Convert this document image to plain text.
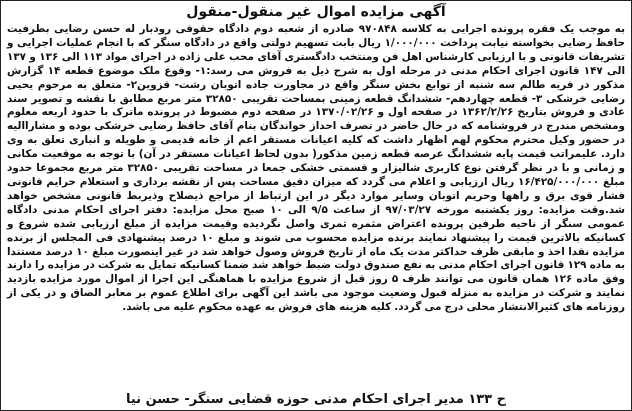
آگهی مزایده اموال غیر منقول-منقول

به موجب یک فقره پرونده اجرایی به کلاسه ۹۷۰۸۴۸ صادره از شعبه دوم دادگاه حقوقی رودبار له حسن رضایی بطرفیت حافظ رضایی بخواسته نیابت پرداخت ۱/۰۰۰/۰۰۰ ریال بابت تسهیم دولتی واقع در دادگاه سنگر که با انجام عملیات اجرایی و تشریفات قانونی و با ارزیابی کارشناس اهل فن ومنتخب دادگستری آقای محب علی زاده در اجرای مواد ۱۱۳ الی ۱۳۶ و ۱۳۷ الی ۱۴۷ قانون اجرای احکام مدنی در مرحله اول به شرح ذیل به فروش می رسد:۱- وقوع ملک موضوع قطعه ۱۴ گزارش مذکور در قریه طالم سه شنبه از توابع بخش سنگر واقع در مجاورت جاده اتوبان رشت- قزوین۲- متعلق به مرحوم یحیی رضایی خرشکی ۳- قطعه چهاردهم- ششدانگ قطعه زمینی بمساحت تقریبی ۳۲۸۵۰ متر مربع مطابق با نقشه و تصویر سند عادی و فروش بتاریخ ۱۳۶۲/۲/۲۶ در صفحه اول و ۱۳۷۰/۰۲/۲۶ در صفحه دوم مضبوط در پرونده ماترک با حدود اربعه معلوم ومشخص مندرج در فروشنامه که در حال حاضر در تصرف احداز خواندگان بنام آقای حافظ رضایی خرشکی بوده و مشاراالیه در حضور وکیل محترم محکوم لهم اظهار داشت که کلیه اعیانات مستقر اعم از خانه قدیمی و طویله و انباری تعلق به وی دارد. علیمراتب قیمت پایه ششدانگ عرصه قطعه زمین مذکور( بدون لحاظ اعیانات مستقر در آن) با توجه به موقعیت مکانی و زمانی و با در نظر گرفتن نوع کاربری شالیزار و قسمتی خشکی جمعا در مساحت تقریبی ۳۲۸۵۰ متر مربع مجموعا حدود مبلغ ۱۶/۴۲۵/۰۰۰/۰۰۰ ریال ارزیابی و اعلام می گردد که میزان دقیق مساحت پس از نقشه برداری و استعلام حرایم قانونی فشار قوی برق و راهها وحریم اتوبان وسایر موارد دیگر در این ارتباط از مراجع ذیصلاح وذیربط قانونی مشخص خواهد شد.وقت مزایده: روز یکشنبه مورخه ۹۷/۰۳/۲۷ از ساعت ۹/۵ الی ۱۰ صبح محل مزایده: دفتر اجرای احکام مدنی دادگاه عمومی سنگر از ناحیه طرفین پرونده اعتراض مثمره ثمری واصل نگردیده وقیمت مزایده از مبلغ ارزیابی شده شروع و کسانیکه بالاترین قیمت را پیشنهاد نمایند برنده مزایده محسوب می شوند و مبلغ ۱۰ درصد پیشنهادی فی المجلس از برنده مزایده نقدا اخذ و مابقی ظرف حداکثر مدت یک ماه از تاریخ فروش وصول خواهد شد در غیر اینصورت مبلغ ۱۰ درصد مستندا به ماده ۱۲۹ قانون اجرای احکام مدنی به نفع صندوق دولت ضبط خواهد شد ضمنا کسانیکه تمایل به شرکت در مزایده را دارند وفق ماده ۱۲۶ همان قانون می توانند ظرف ۵ روز قبل از شروع مزایده با هماهنگی این اجرا از اموال مورد مزایده بازدید نمایند و شرکت در مزایده به منزله قبول وضعیت موجود می باشد این آگهی برای اطلاع عموم بر معابر الصاق و در یکی از روزنامه های کثیرالانتشار محلی درج می گردد. کلیه هزینه های فروش به عهده محکوم علیه می باشد.

ح ۱۳۳ مدیر اجرای احکام مدنی حوزه قضایی سنگر- حسن نیا
